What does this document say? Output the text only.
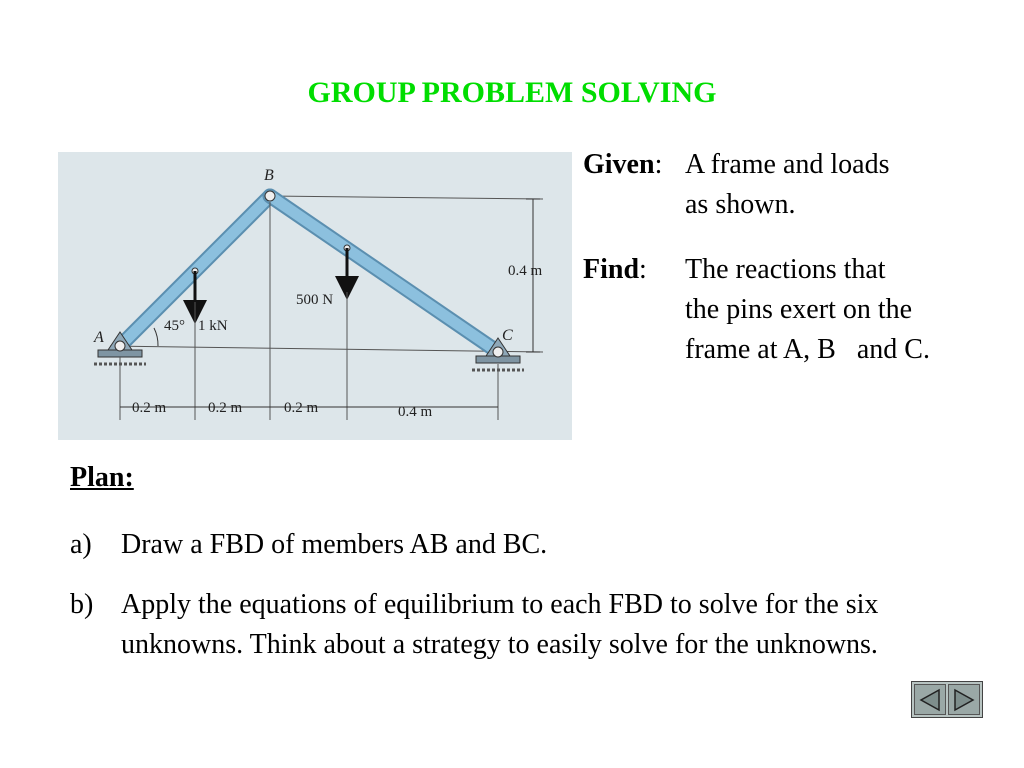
GROUP PROBLEM SOLVING
B
A	C
45° 1 kN
500 N
0.4 m
0.2 m	0.2 m	0.2 m	0.4 m
Given: A frame and loads
as shown.
Find: The reactions that
the pins exert on the
frame at A, B   and C.
Plan:
a) Draw a FBD of members AB and BC.
b) Apply the equations of equilibrium to each FBD to solve for the six unknowns. Think about a strategy to easily solve for the unknowns.
